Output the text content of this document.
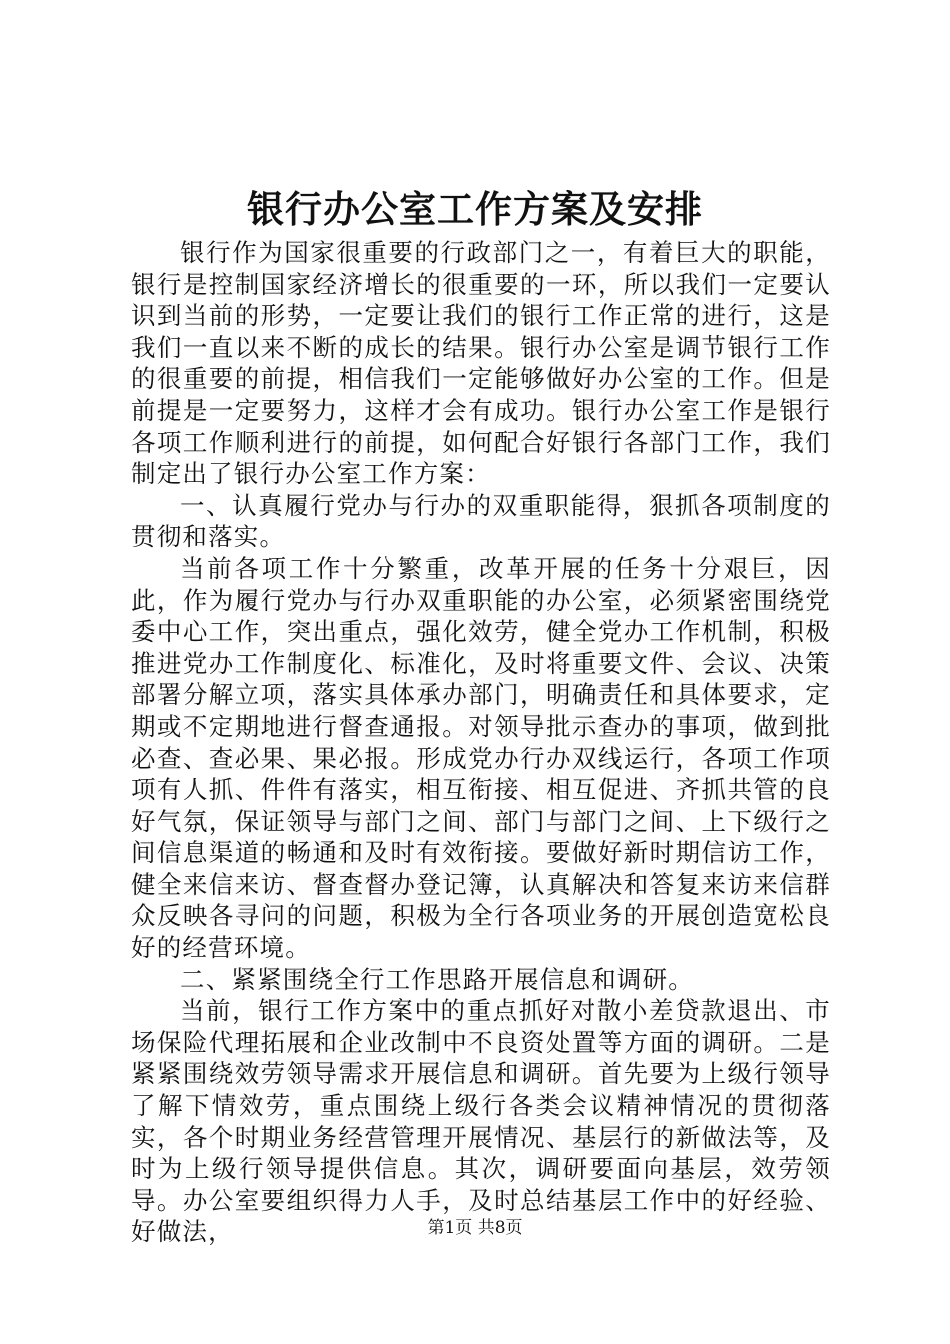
银行办公室工作方案及安排

银行作为国家很重要的行政部门之一，有着巨大的职能，银行是控制国家经济增长的很重要的一环，所以我们一定要认识到当前的形势，一定要让我们的银行工作正常的进行，这是我们一直以来不断的成长的结果。银行办公室是调节银行工作的很重要的前提，相信我们一定能够做好办公室的工作。但是前提是一定要努力，这样才会有成功。银行办公室工作是银行各项工作顺利进行的前提，如何配合好银行各部门工作，我们制定出了银行办公室工作方案：

一、认真履行党办与行办的双重职能得，狠抓各项制度的贯彻和落实。

当前各项工作十分繁重，改革开展的任务十分艰巨，因此，作为履行党办与行办双重职能的办公室，必须紧密围绕党委中心工作，突出重点，强化效劳，健全党办工作机制，积极推进党办工作制度化、标准化，及时将重要文件、会议、决策部署分解立项，落实具体承办部门，明确责任和具体要求，定期或不定期地进行督查通报。对领导批示查办的事项，做到批必查、查必果、果必报。形成党办行办双线运行，各项工作项项有人抓、件件有落实，相互衔接、相互促进、齐抓共管的良好气氛，保证领导与部门之间、部门与部门之间、上下级行之间信息渠道的畅通和及时有效衔接。要做好新时期信访工作，健全来信来访、督查督办登记簿，认真解决和答复来访来信群众反映各寻问的问题，积极为全行各项业务的开展创造宽松良好的经营环境。

二、紧紧围绕全行工作思路开展信息和调研。

当前，银行工作方案中的重点抓好对散小差贷款退出、市场保险代理拓展和企业改制中不良资处置等方面的调研。二是紧紧围绕效劳领导需求开展信息和调研。首先要为上级行领导了解下情效劳，重点围绕上级行各类会议精神情况的贯彻落实，各个时期业务经营管理开展情况、基层行的新做法等，及时为上级行领导提供信息。其次，调研要面向基层，效劳领导。办公室要组织得力人手，及时总结基层工作中的好经验、好做法，	第1页 共8页
